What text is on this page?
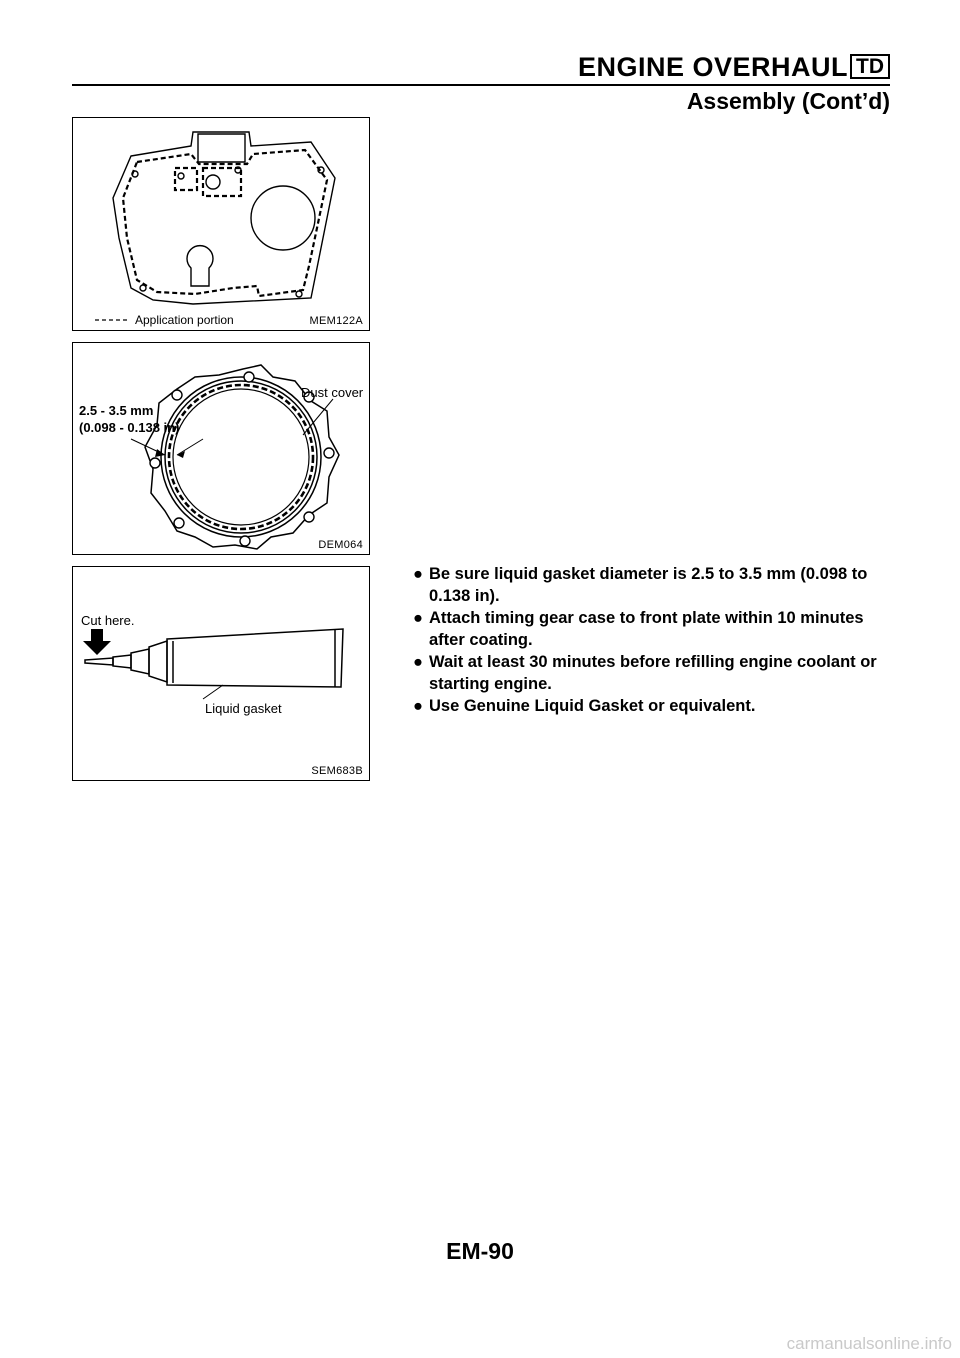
ENGINE OVERHAUL TD
Assembly (Cont’d)
Application portion	MEM122A
2.5 - 3.5 mm
(0.098 - 0.138 in)
Dust cover
DEM064
Cut here.
Liquid gasket
SEM683B
● Be sure liquid gasket diameter is 2.5 to 3.5 mm (0.098 to 0.138 in).
● Attach timing gear case to front plate within 10 minutes after coating.
● Wait at least 30 minutes before refilling engine coolant or starting engine.
● Use Genuine Liquid Gasket or equivalent.
EM-90
carmanualsonline.info
